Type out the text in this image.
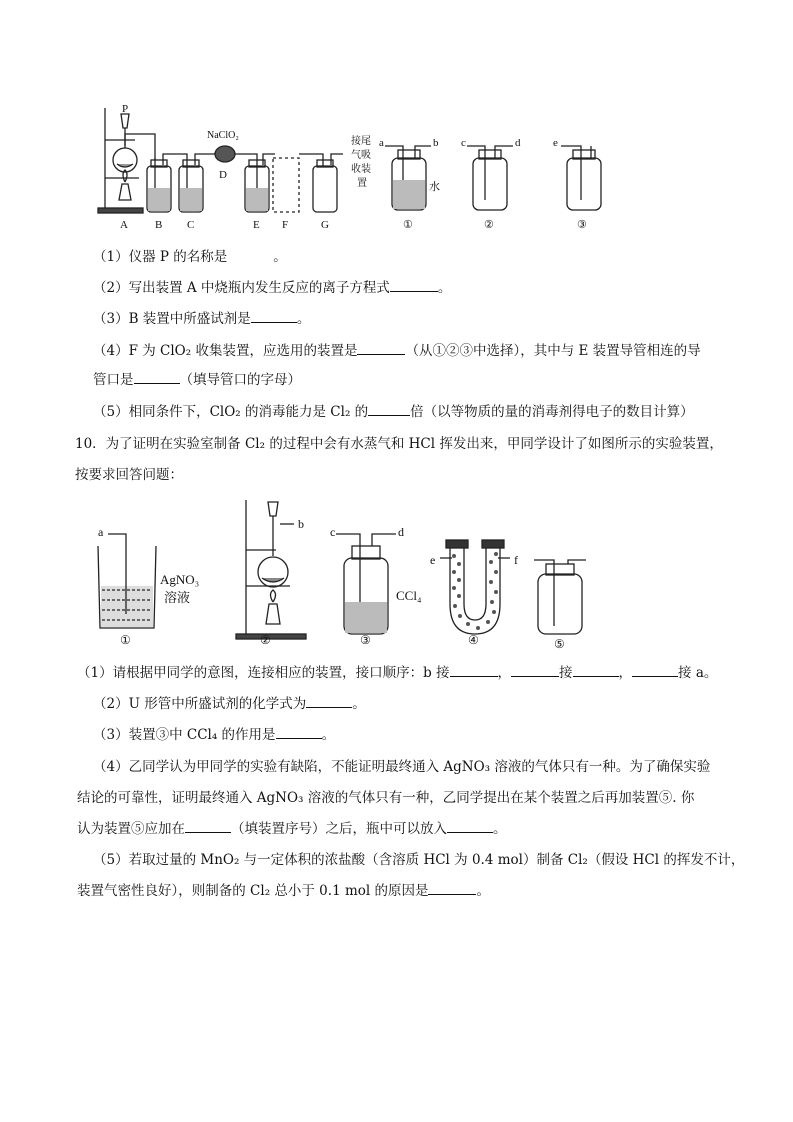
P
A B C
D
NaClO₂
E F	G
接尾
气吸
收装
置
a	b c	d	e
水
①	②	③
（1）仪器 P 的名称是	。
（2）写出装置 A 中烧瓶内发生反应的离子方程式	。
（3）B 装置中所盛试剂是	。
（4）F 为 ClO₂ 收集装置，应选用的装置是	（从①②③中选择），其中与 E 装置导管相连的导
管口是	（填导管口的字母）
（5）相同条件下，ClO₂ 的消毒能力是 Cl₂ 的	倍（以等物质的量的消毒剂得电子的数目计算）
10．为了证明在实验室制备 Cl₂ 的过程中会有水蒸气和 HCl 挥发出来，甲同学设计了如图所示的实验装置，
按要求回答问题：
a
AgNO₃
溶液
b
c	d
CCl₄
e	f
①	②	③	④	⑤
（1）请根据甲同学的意图，连接相应的装置，接口顺序：b 接	，	接	，	接 a。
（2）U 形管中所盛试剂的化学式为	。
（3）装置③中 CCl₄ 的作用是	。
（4）乙同学认为甲同学的实验有缺陷，不能证明最终通入 AgNO₃ 溶液的气体只有一种。为了确保实验
结论的可靠性，证明最终通入 AgNO₃ 溶液的气体只有一种，乙同学提出在某个装置之后再加装置⑤. 你
认为装置⑤应加在	（填装置序号）之后，瓶中可以放入	。
（5）若取过量的 MnO₂ 与一定体积的浓盐酸（含溶质 HCl 为 0.4 mol）制备 Cl₂（假设 HCl 的挥发不计，
装置气密性良好），则制备的 Cl₂ 总小于 0.1 mol 的原因是	。
